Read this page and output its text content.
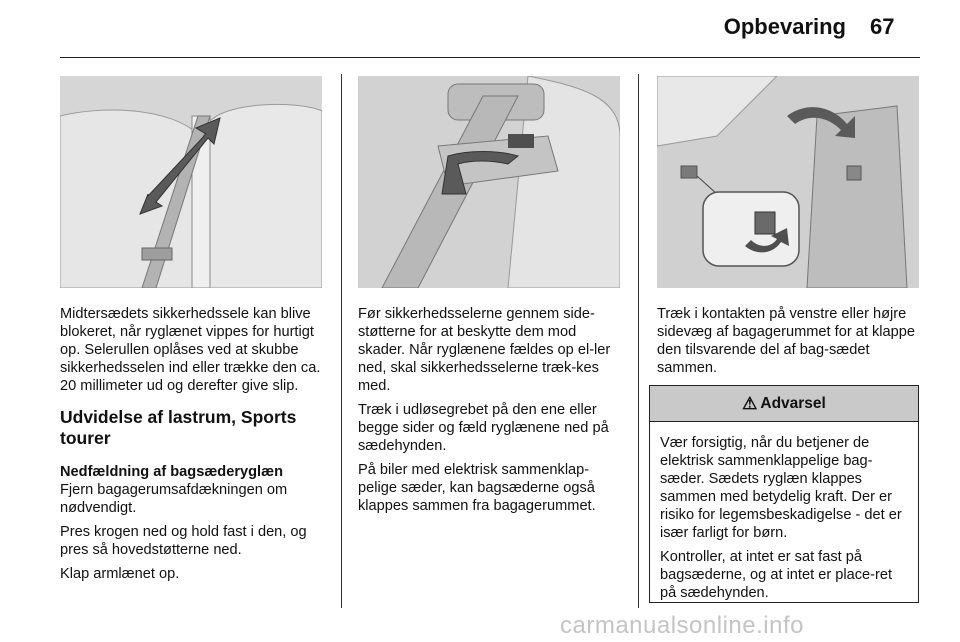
Opbevaring 67

Midtersædets sikkerhedssele kan blive blokeret, når ryglænet vippes for hurtigt op. Selerullen oplåses ved at skubbe sikkerhedsselen ind eller trække den ca. 20 millimeter ud og derefter give slip.

Udvidelse af lastrum, Sports tourer
Nedfældning af bagsæderyglæn

Fjern bagagerumsafdækningen om nødvendigt.

Pres krogen ned og hold fast i den, og pres så hovedstøtterne ned.

Klap armlænet op.

Før sikkerhedsselerne gennem side-støtterne for at beskytte dem mod skader. Når ryglænene fældes op el-ler ned, skal sikkerhedsselerne træk-kes med.

Træk i udløsegrebet på den ene eller begge sider og fæld ryglænene ned på sædehynden.

På biler med elektrisk sammenklap-pelige sæder, kan bagsæderne også klappes sammen fra bagagerummet.

Træk i kontakten på venstre eller højre sidevæg af bagagerummet for at klappe den tilsvarende del af bag-sædet sammen.

⚠ Advarsel

Vær forsigtig, når du betjener de elektrisk sammenklappelige bag-sæder. Sædets ryglæn klappes sammen med betydelig kraft. Der er risiko for legemsbeskadigelse - det er især farligt for børn.

Kontroller, at intet er sat fast på bagsæderne, og at intet er place-ret på sædehynden.

carmanualsonline.info
